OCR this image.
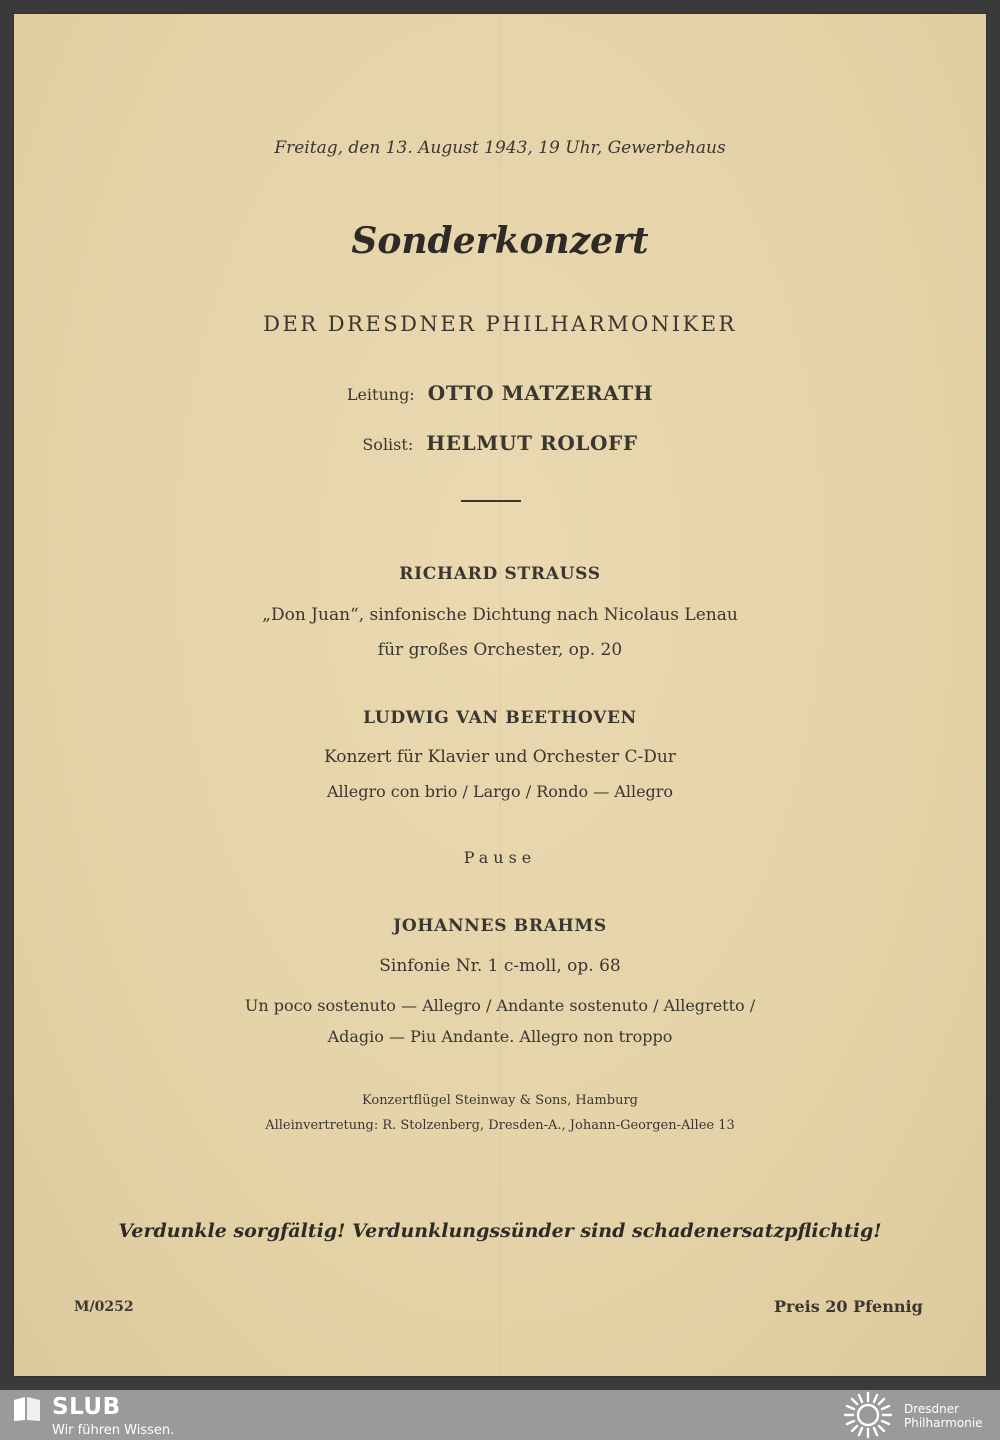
Freitag, den 13. August 1943, 19 Uhr, Gewerbehaus
Sonderkonzert
DER DRESDNER PHILHARMONIKER
Leitung: OTTO MATZERATH
Solist: HELMUT ROLOFF
RICHARD STRAUSS
„Don Juan“, sinfonische Dichtung nach Nicolaus Lenau
für großes Orchester, op. 20
LUDWIG VAN BEETHOVEN
Konzert für Klavier und Orchester C-Dur
Allegro con brio / Largo / Rondo — Allegro
Pause
JOHANNES BRAHMS
Sinfonie Nr. 1 c-moll, op. 68
Un poco sostenuto — Allegro / Andante sostenuto / Allegretto /
Adagio — Piu Andante. Allegro non troppo
Konzertflügel Steinway & Sons, Hamburg
Alleinvertretung: R. Stolzenberg, Dresden-A., Johann-Georgen-Allee 13
Verdunkle sorgfältig! Verdunklungssünder sind schadenersatzpflichtig!
M/0252	Preis 20 Pfennig
SLUB
Wir führen Wissen.
Dresdner
Philharmonie
